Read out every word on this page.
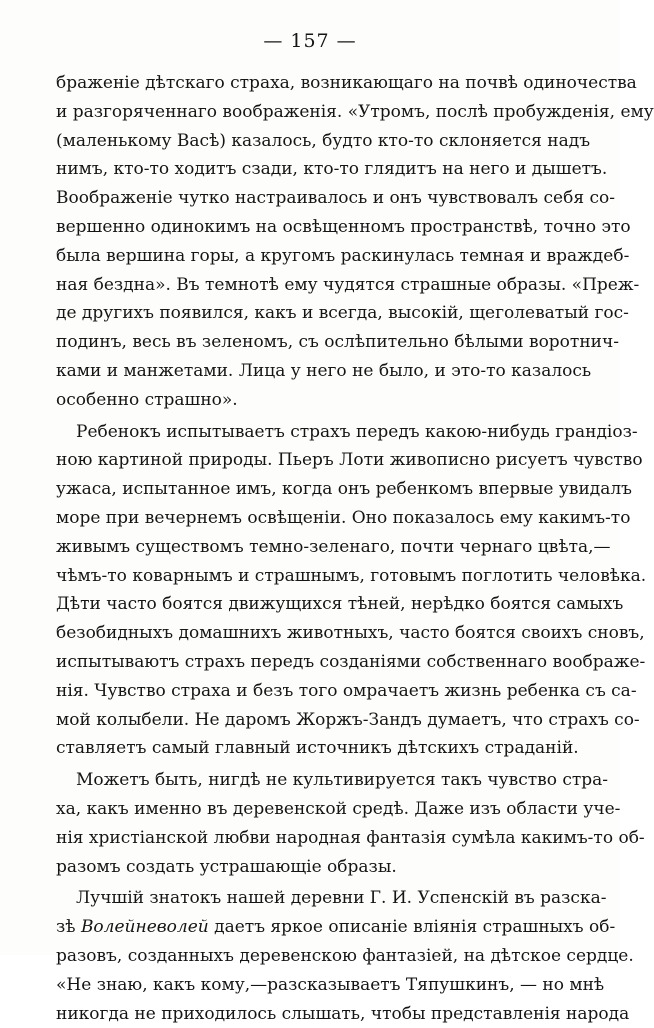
— 157 —
браженіе дѣтскаго страха, возникающаго на почвѣ одиночества
и разгоряченнаго воображенія. «Утромъ, послѣ пробужденія, ему
(маленькому Васѣ) казалось, будто кто-то склоняется надъ
нимъ, кто-то ходитъ сзади, кто-то глядитъ на него и дышетъ.
Воображеніе чутко настраивалось и онъ чувствовалъ себя со-
вершенно одинокимъ на освѣщенномъ пространствѣ, точно это
была вершина горы, а кругомъ раскинулась темная и враждеб-
ная бездна». Въ темнотѣ ему чудятся страшные образы. «Преж-
де другихъ появился, какъ и всегда, высокій, щеголеватый гос-
подинъ, весь въ зеленомъ, съ ослѣпительно бѣлыми воротнич-
ками и манжетами. Лица у него не было, и это-то казалось
особенно страшно».
Ребенокъ испытываетъ страхъ передъ какою-нибудь грандіоз-
ною картиной природы. Пьеръ Лоти живописно рисуетъ чувство
ужаса, испытанное имъ, когда онъ ребенкомъ впервые увидалъ
море при вечернемъ освѣщеніи. Оно показалось ему какимъ-то
живымъ существомъ темно-зеленаго, почти чернаго цвѣта,—
чѣмъ-то коварнымъ и страшнымъ, готовымъ поглотить человѣка.
Дѣти часто боятся движущихся тѣней, нерѣдко боятся самыхъ
безобидныхъ домашнихъ животныхъ, часто боятся своихъ сновъ,
испытываютъ страхъ передъ созданіями собственнаго воображе-
нія. Чувство страха и безъ того омрачаетъ жизнь ребенка съ са-
мой колыбели. Не даромъ Жоржъ-Зандъ думаетъ, что страхъ со-
ставляетъ самый главный источникъ дѣтскихъ страданій.
Можетъ быть, нигдѣ не культивируется такъ чувство стра-
ха, какъ именно въ деревенской средѣ. Даже изъ области уче-
нія христіанской любви народная фантазія сумѣла какимъ-то об-
разомъ создать устрашающіе образы.
Лучшій знатокъ нашей деревни Г. И. Успенскій въ разска-
зѣ Волейневолей даетъ яркое описаніе вліянія страшныхъ об-
разовъ, созданныхъ деревенскою фантазіей, на дѣтское сердце.
«Не знаю, какъ кому,—разсказываетъ Тяпушкинъ, — но мнѣ
никогда не приходилось слышать, чтобы представленія народа
